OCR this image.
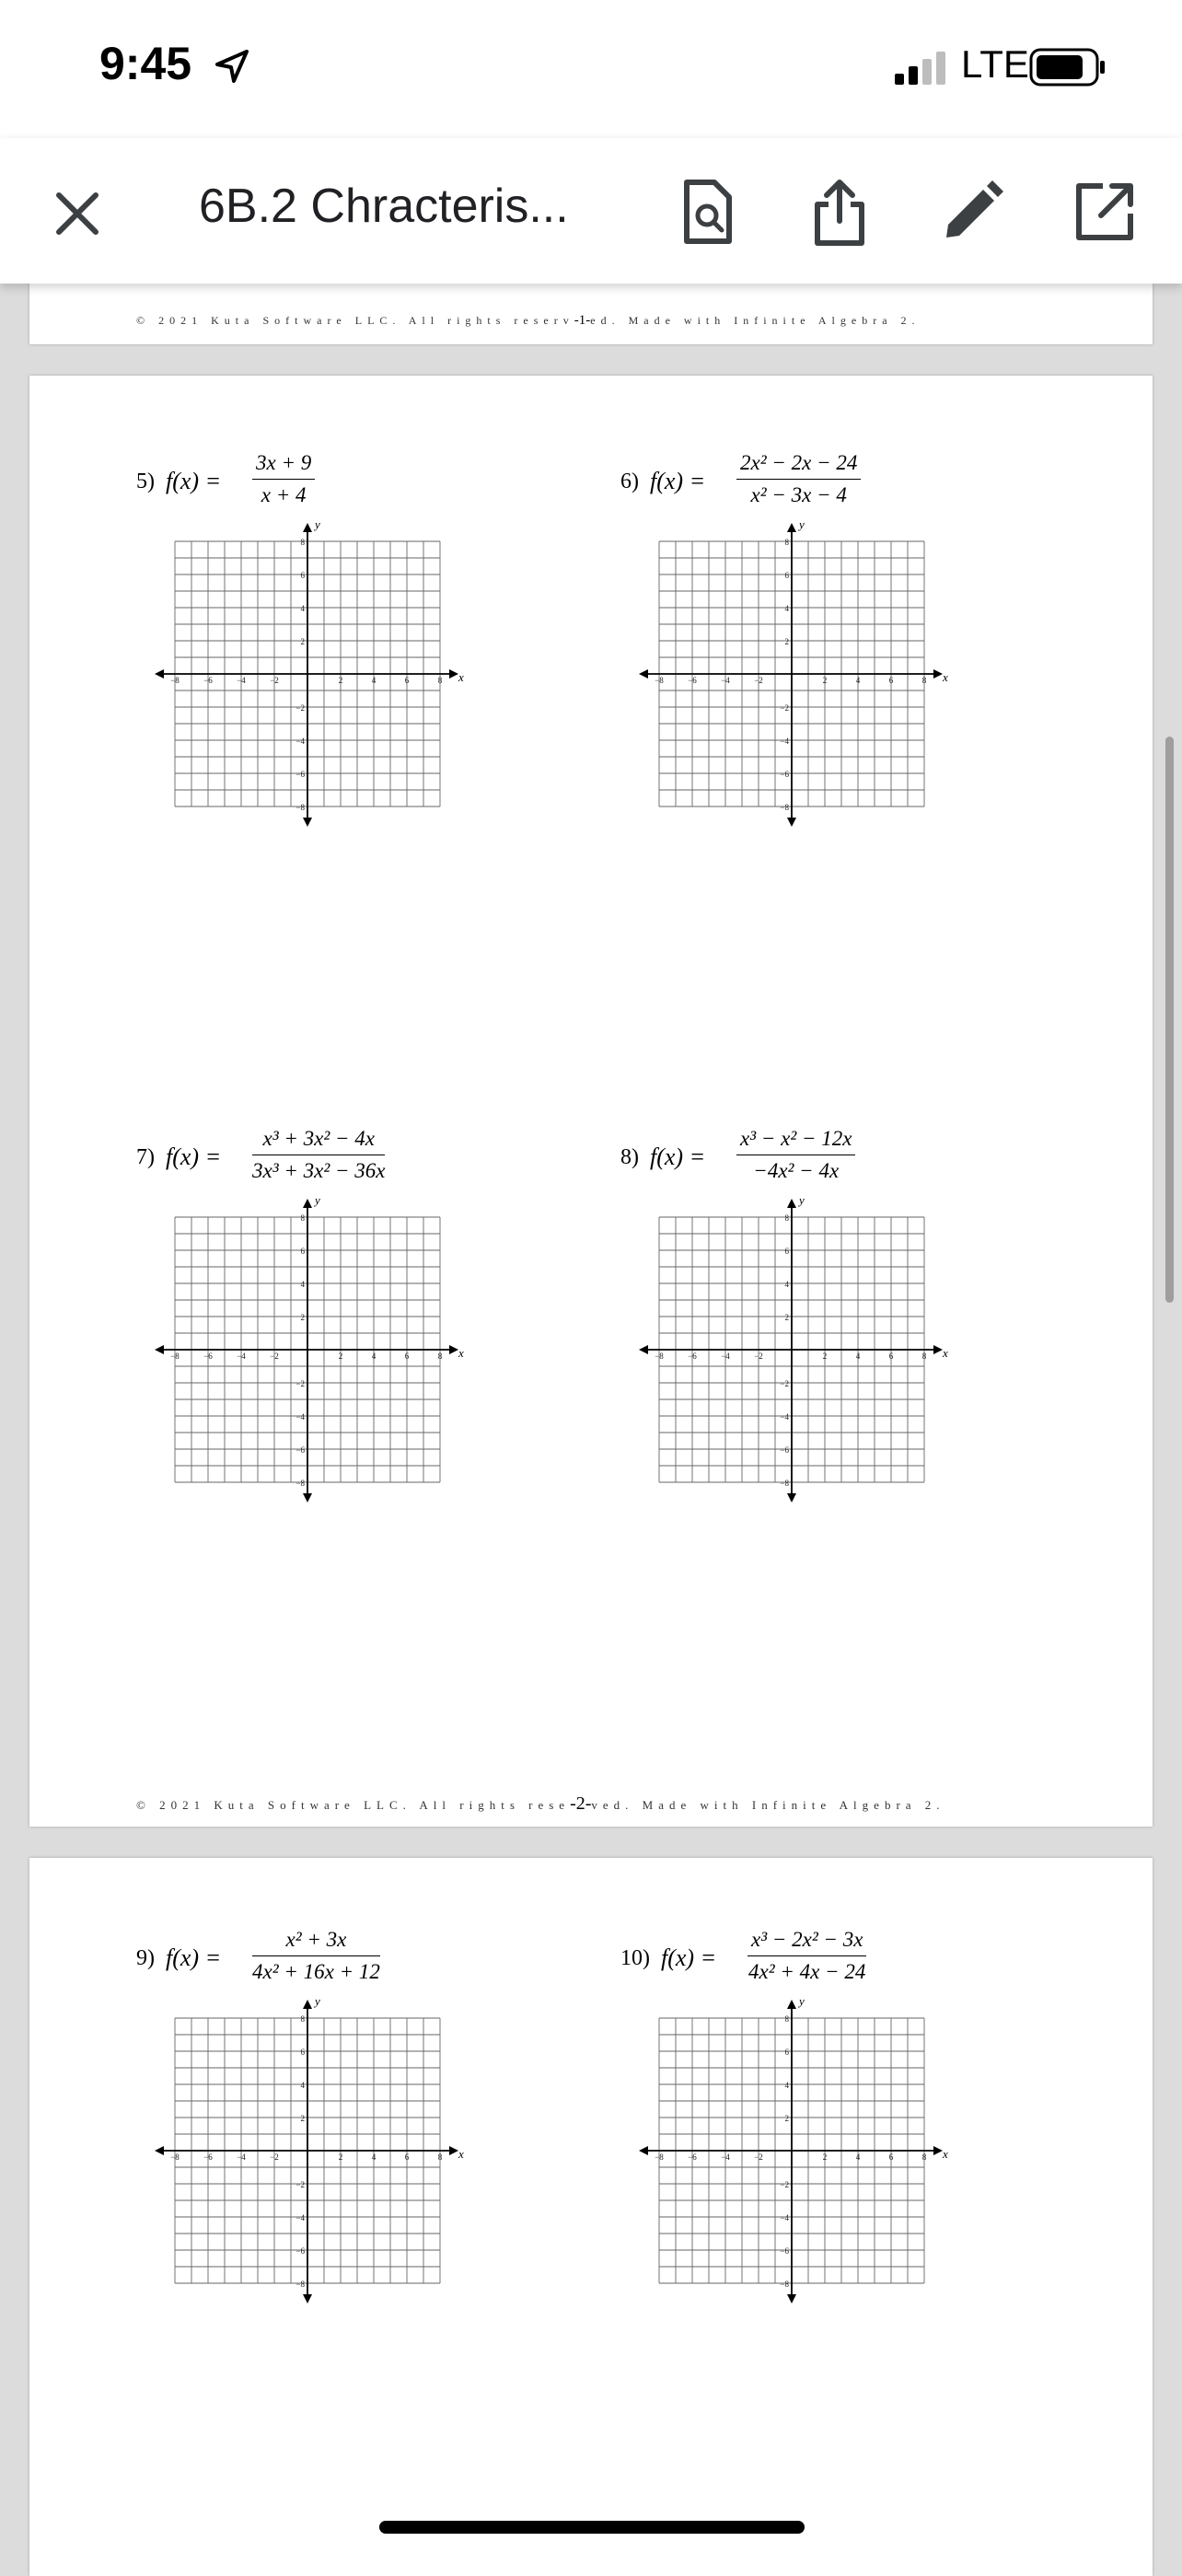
9:45	LTE
6B.2 Chracteris...
© 2021 Kuta Software LLC. All rights reserv-1-ed. Made with Infinite Algebra 2.
5) $f(x) = \frac{3x + 9}{x + 4}$
x
y
−8	−6	−4	−2	2	4	6	8
8
6
4
2
−2
−4
−6
−8
6) $f(x) = \frac{\text{2x² − 2x − 24}}{\text{x² − 3x − 4}}$
x
y
−8	−6	−4	−2	2	4	6	8
8
6
4
2
−2
−4
−6
−8
7) $f(x) = \frac{\text{x³ + 3x² − 4x}}{\text{3x³ + 3x² − 36x}}$
x
y
−8	−6	−4	−2	2	4	6	8
8
6
4
2
−2
−4
−6
−8
8) $f(x) = \frac{\text{x³ − x² − 12x}}{\text{−4x² − 4x}}$
x
y
−8	−6	−4	−2	2	4	6	8
8
6
4
2
−2
−4
−6
−8
© 2021 Kuta Software LLC. All rights rese-2-ved. Made with Infinite Algebra 2.
9) $f(x) = \frac{\text{x² + 3x}}{\text{4x² + 16x + 12}}$
x
y
−8	−6	−4	−2	2	4	6	8
8
6
4
2
−2
−4
−6
−8
10) $f(x) = \frac{\text{x³ − 2x² − 3x}}{\text{4x² + 4x − 24}}$
x
y
−8	−6	−4	−2	2	4	6	8
8
6
4
2
−2
−4
−6
−8
